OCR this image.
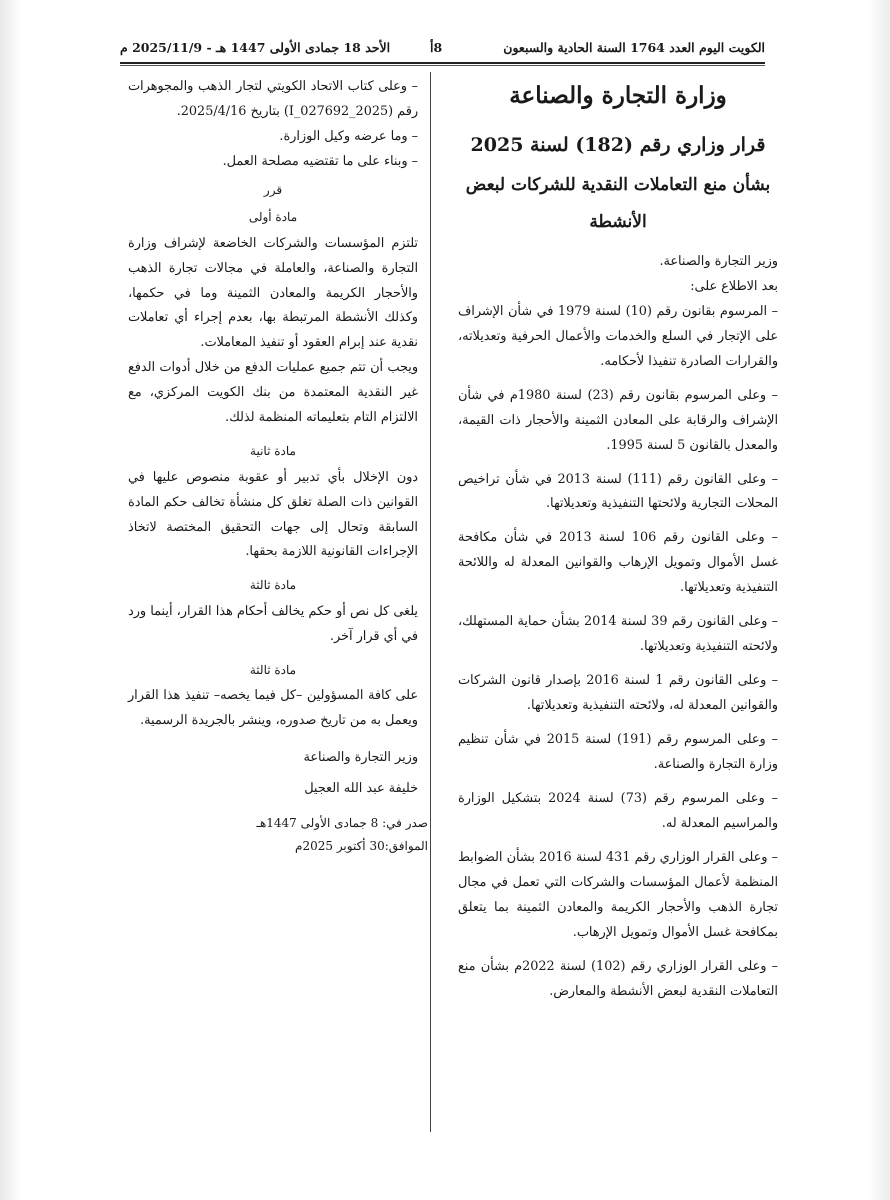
الكويت اليوم العدد 1764 السنة الحادية والسبعون
8أ
الأحد 18 جمادى الأولى 1447 هـ - 2025/11/9 م
وزارة التجارة والصناعة
قرار وزاري رقم (182) لسنة 2025
بشأن منع التعاملات النقدية للشركات لبعض الأنشطة
وزير التجارة والصناعة.
بعد الاطلاع على:
– المرسوم بقانون رقم (10) لسنة 1979 في شأن الإشراف على الإتجار في السلع والخدمات والأعمال الحرفية وتعديلاته، والقرارات الصادرة تنفيذا لأحكامه.
– وعلى المرسوم بقانون رقم (23) لسنة 1980م في شأن الإشراف والرقابة على المعادن الثمينة والأحجار ذات القيمة، والمعدل بالقانون 5 لسنة 1995.
– وعلى القانون رقم (111) لسنة 2013 في شأن تراخيص المحلات التجارية ولائحتها التنفيذية وتعديلاتها.
– وعلى القانون رقم 106 لسنة 2013 في شأن مكافحة غسل الأموال وتمويل الإرهاب والقوانين المعدلة له واللائحة التنفيذية وتعديلاتها.
– وعلى القانون رقم 39 لسنة 2014 بشأن حماية المستهلك، ولائحته التنفيذية وتعديلاتها.
– وعلى القانون رقم 1 لسنة 2016 بإصدار قانون الشركات والقوانين المعدلة له، ولائحته التنفيذية وتعديلاتها.
– وعلى المرسوم رقم (191) لسنة 2015 في شأن تنظيم وزارة التجارة والصناعة.
– وعلى المرسوم رقم (73) لسنة 2024 بتشكيل الوزارة والمراسيم المعدلة له.
– وعلى القرار الوزاري رقم 431 لسنة 2016 بشأن الضوابط المنظمة لأعمال المؤسسات والشركات التي تعمل في مجال تجارة الذهب والأحجار الكريمة والمعادن الثمينة بما يتعلق بمكافحة غسل الأموال وتمويل الإرهاب.
– وعلى القرار الوزاري رقم (102) لسنة 2022م بشأن منع التعاملات النقدية لبعض الأنشطة والمعارض.
– وعلى كتاب الاتحاد الكويتي لتجار الذهب والمجوهرات رقم (I_027692_2025) بتاريخ 2025/4/16.
– وما عرضه وكيل الوزارة.
– وبناء على ما تقتضيه مصلحة العمل.
قرر
مادة أولى
تلتزم المؤسسات والشركات الخاضعة لإشراف وزارة التجارة والصناعة، والعاملة في مجالات تجارة الذهب والأحجار الكريمة والمعادن الثمينة وما في حكمها، وكذلك الأنشطة المرتبطة بها، بعدم إجراء أي تعاملات نقدية عند إبرام العقود أو تنفيذ المعاملات.
ويجب أن تتم جميع عمليات الدفع من خلال أدوات الدفع غير النقدية المعتمدة من بنك الكويت المركزي، مع الالتزام التام بتعليماته المنظمة لذلك.
مادة ثانية
دون الإخلال بأي تدبير أو عقوبة منصوص عليها في القوانين ذات الصلة تغلق كل منشأة تخالف حكم المادة السابقة وتحال إلى جهات التحقيق المختصة لاتخاذ الإجراءات القانونية اللازمة بحقها.
مادة ثالثة
يلغى كل نص أو حكم يخالف أحكام هذا القرار، أينما ورد في أي قرار آخر.
مادة ثالثة
على كافة المسؤولين –كل فيما يخصه– تنفيذ هذا القرار ويعمل به من تاريخ صدوره، وينشر بالجريدة الرسمية.
وزير التجارة والصناعة
خليفة عبد الله العجيل
صدر في: 8 جمادى الأولى 1447هـ
الموافق:30 أكتوبر 2025م
